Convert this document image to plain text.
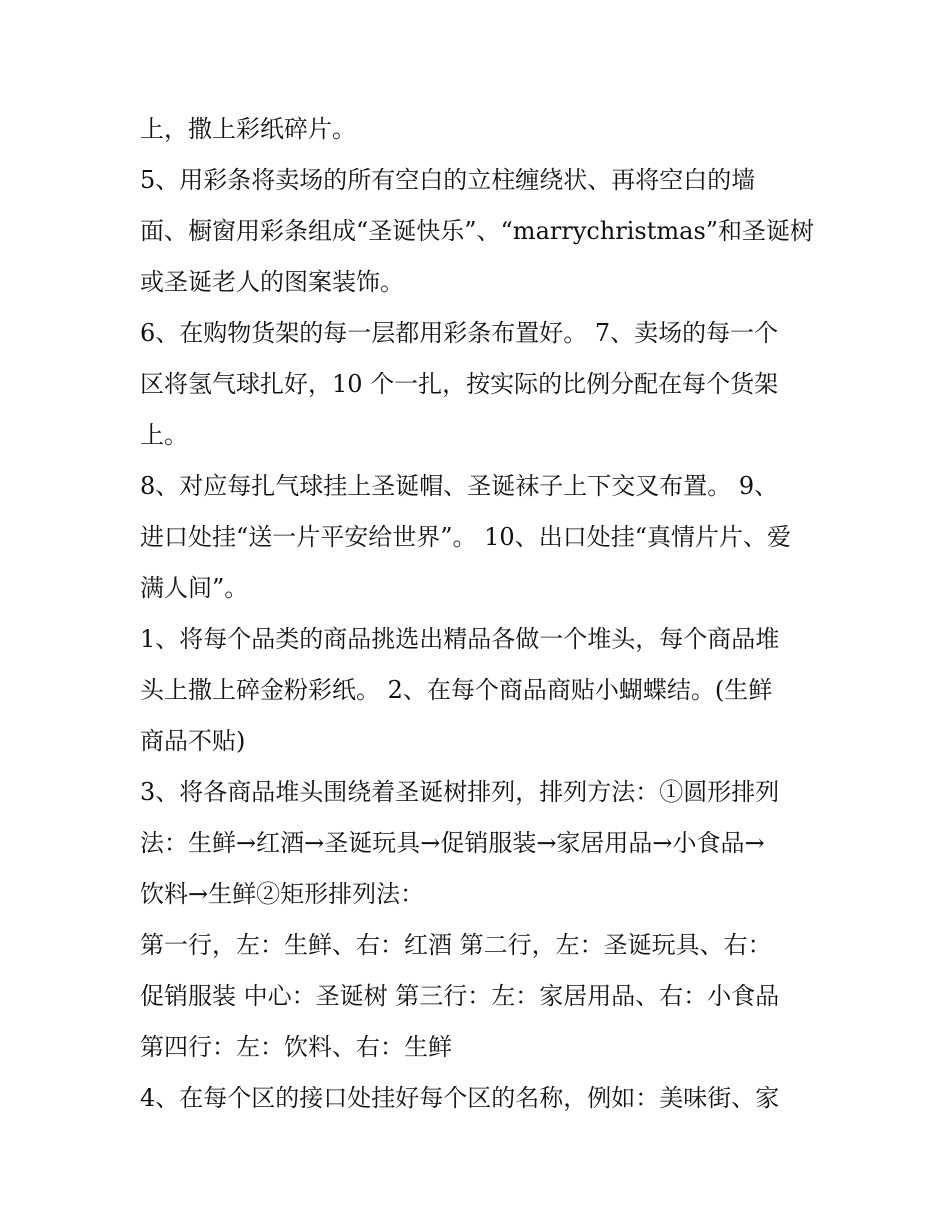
上，撒上彩纸碎片。
5、用彩条将卖场的所有空白的立柱缠绕状、再将空白的墙
面、橱窗用彩条组成“圣诞快乐”、“marrychristmas”和圣诞树
或圣诞老人的图案装饰。
6、在购物货架的每一层都用彩条布置好。 7、卖场的每一个
区将氢气球扎好，10 个一扎，按实际的比例分配在每个货架
上。
8、对应每扎气球挂上圣诞帽、圣诞袜子上下交叉布置。 9、
进口处挂“送一片平安给世界”。 10、出口处挂“真情片片、爱
满人间”。
1、将每个品类的商品挑选出精品各做一个堆头，每个商品堆
头上撒上碎金粉彩纸。 2、在每个商品商贴小蝴蝶结。(生鲜
商品不贴)
3、将各商品堆头围绕着圣诞树排列，排列方法：①圆形排列
法：生鲜→红酒→圣诞玩具→促销服装→家居用品→小食品→
饮料→生鲜②矩形排列法：
第一行，左：生鲜、右：红酒 第二行，左：圣诞玩具、右：
促销服装 中心：圣诞树 第三行：左：家居用品、右：小食品
第四行：左：饮料、右：生鲜
4、在每个区的接口处挂好每个区的名称，例如：美味街、家
